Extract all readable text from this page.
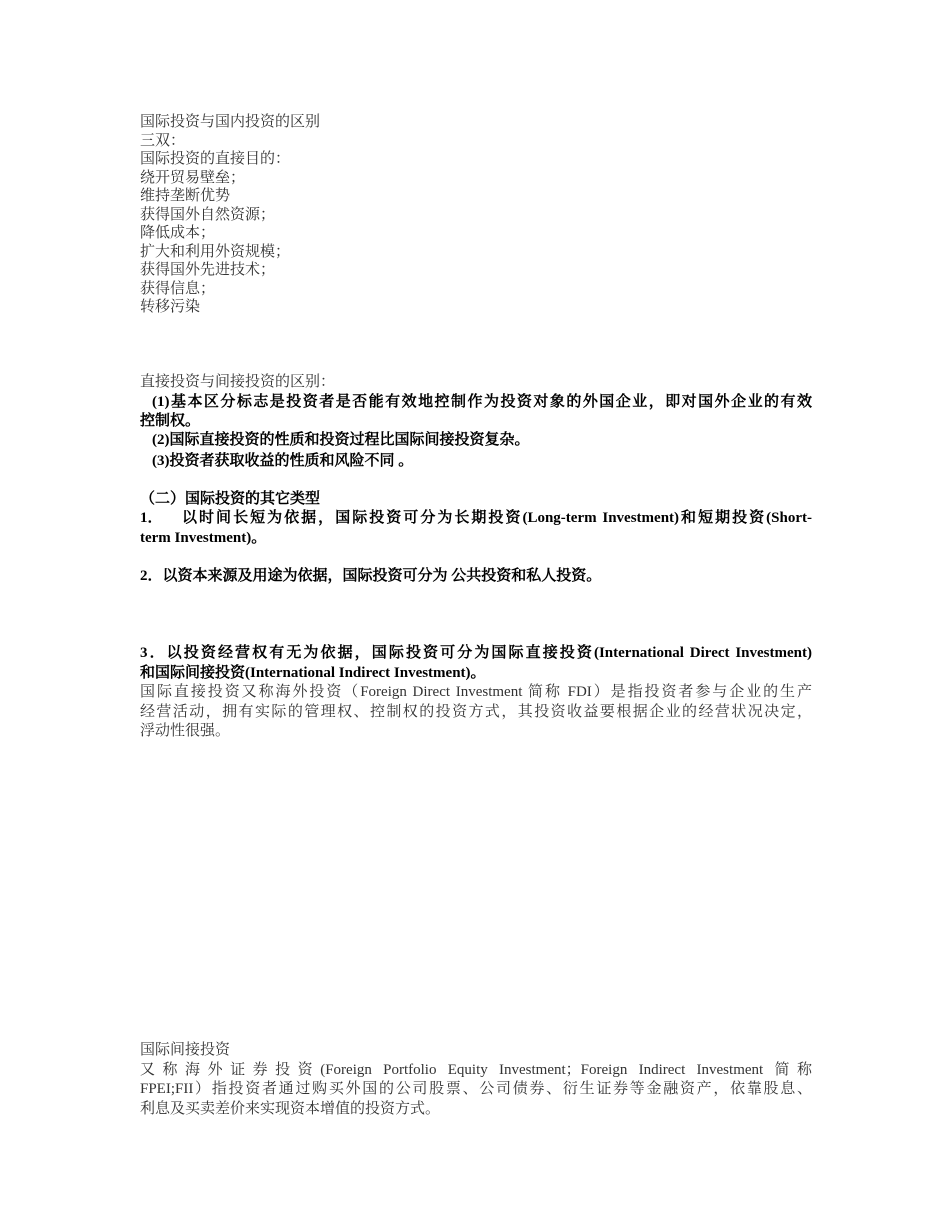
国际投资与国内投资的区别
三双：
国际投资的直接目的：
绕开贸易壁垒；
维持垄断优势
获得国外自然资源；
降低成本；
扩大和利用外资规模；
获得国外先进技术；
获得信息；
转移污染
直接投资与间接投资的区别：
(1)基本区分标志是投资者是否能有效地控制作为投资对象的外国企业，即对国外企业的有效
控制权。
(2)国际直接投资的性质和投资过程比国际间接投资复杂。
(3)投资者获取收益的性质和风险不同 。
（二）国际投资的其它类型
1．	以时间长短为依据，国际投资可分为长期投资(Long-term Investment)和短期投资(Short-
term Investment)。
2．以资本来源及用途为依据，国际投资可分为 公共投资和私人投资。
3．以投资经营权有无为依据，国际投资可分为国际直接投资(International Direct Investment)
和国际间接投资(International Indirect Investment)。
国际直接投资又称海外投资（Foreign Direct Investment 简称 FDI）是指投资者参与企业的生产
经营活动，拥有实际的管理权、控制权的投资方式，其投资收益要根据企业的经营状况决定，
浮动性很强。
国际间接投资
又称海外证券投资(Foreign Portfolio Equity Investment；Foreign Indirect Investment 简称
FPEI;FII）指投资者通过购买外国的公司股票、公司债券、衍生证券等金融资产，依靠股息、
利息及买卖差价来实现资本增值的投资方式。
